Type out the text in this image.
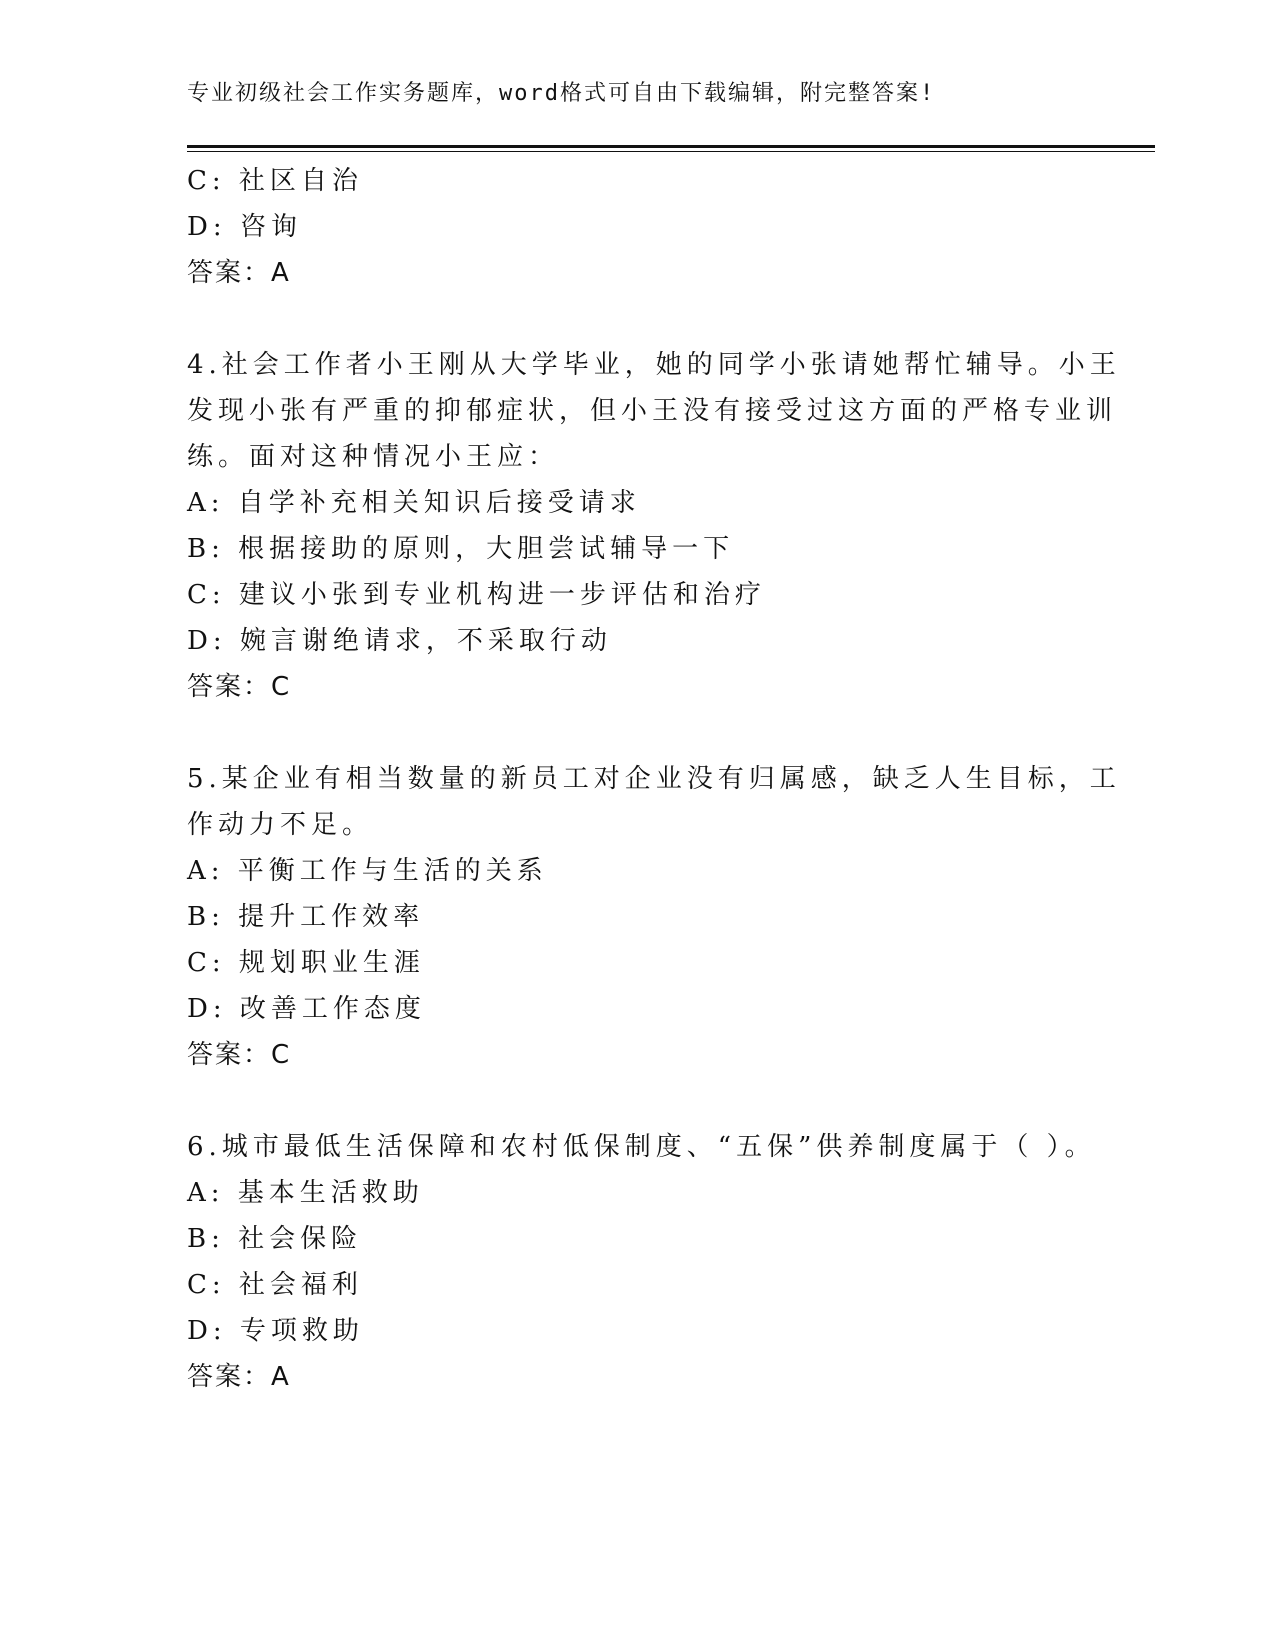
专业初级社会工作实务题库，word格式可自由下载编辑，附完整答案!
C: 社区自治
D: 咨询
答案：A
4.社会工作者小王刚从大学毕业，她的同学小张请她帮忙辅导。小王
发现小张有严重的抑郁症状，但小王没有接受过这方面的严格专业训
练。面对这种情况小王应：
A: 自学补充相关知识后接受请求
B: 根据接助的原则，大胆尝试辅导一下
C: 建议小张到专业机构进一步评估和治疗
D: 婉言谢绝请求，不采取行动
答案：C
5.某企业有相当数量的新员工对企业没有归属感，缺乏人生目标，工
作动力不足。
A: 平衡工作与生活的关系
B: 提升工作效率
C: 规划职业生涯
D: 改善工作态度
答案：C
6.城市最低生活保障和农村低保制度、“五保”供养制度属于（ ）。
A: 基本生活救助
B: 社会保险
C: 社会福利
D: 专项救助
答案：A
